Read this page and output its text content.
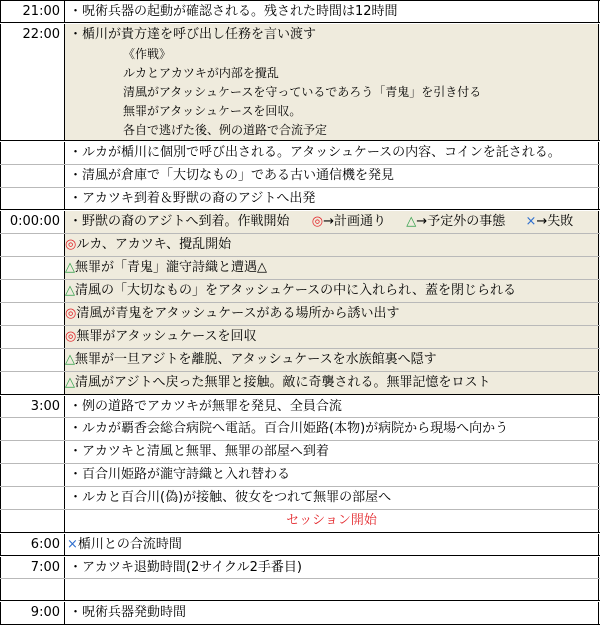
21:00 ・呪術兵器の起動が確認される。残された時間は12時間
22:00 ・楯川が貴方達を呼び出し任務を言い渡す
《作戦》
ルカとアカツキが内部を攪乱
清風がアタッシュケースを守っているであろう「青鬼」を引き付る
無罪がアタッシュケースを回収。
各自で逃げた後、例の道路で合流予定
・ルカが楯川に個別で呼び出される。アタッシュケースの内容、コインを託される。
・清風が倉庫で「大切なもの」である古い通信機を発見
・アカツキ到着＆野獣の裔のアジトへ出発
0:00:00 ・野獣の裔のアジトへ到着。作戦開始 ◎→計画通り △→予定外の事態 ×→失敗
◎ルカ、アカツキ、攪乱開始
△無罪が「青鬼」瀧守詩織と遭遇△
△清風の「大切なもの」をアタッシュケースの中に入れられ、蓋を閉じられる
◎清風が青鬼をアタッシュケースがある場所から誘い出す
◎無罪がアタッシュケースを回収
△無罪が一旦アジトを離脱、アタッシュケースを水族館裏へ隠す
△清風がアジトへ戻った無罪と接触。敵に奇襲される。無罪記憶をロスト
3:00 ・例の道路でアカツキが無罪を発見、全員合流
・ルカが覇香会総合病院へ電話。百合川姫路(本物)が病院から現場へ向かう
・アカツキと清風と無罪、無罪の部屋へ到着
・百合川姫路が瀧守詩織と入れ替わる
・ルカと百合川(偽)が接触、彼女をつれて無罪の部屋へ
セッション開始
6:00 ×楯川との合流時間
7:00 ・アカツキ退勤時間(2サイクル2手番目)
9:00 ・呪術兵器発動時間
